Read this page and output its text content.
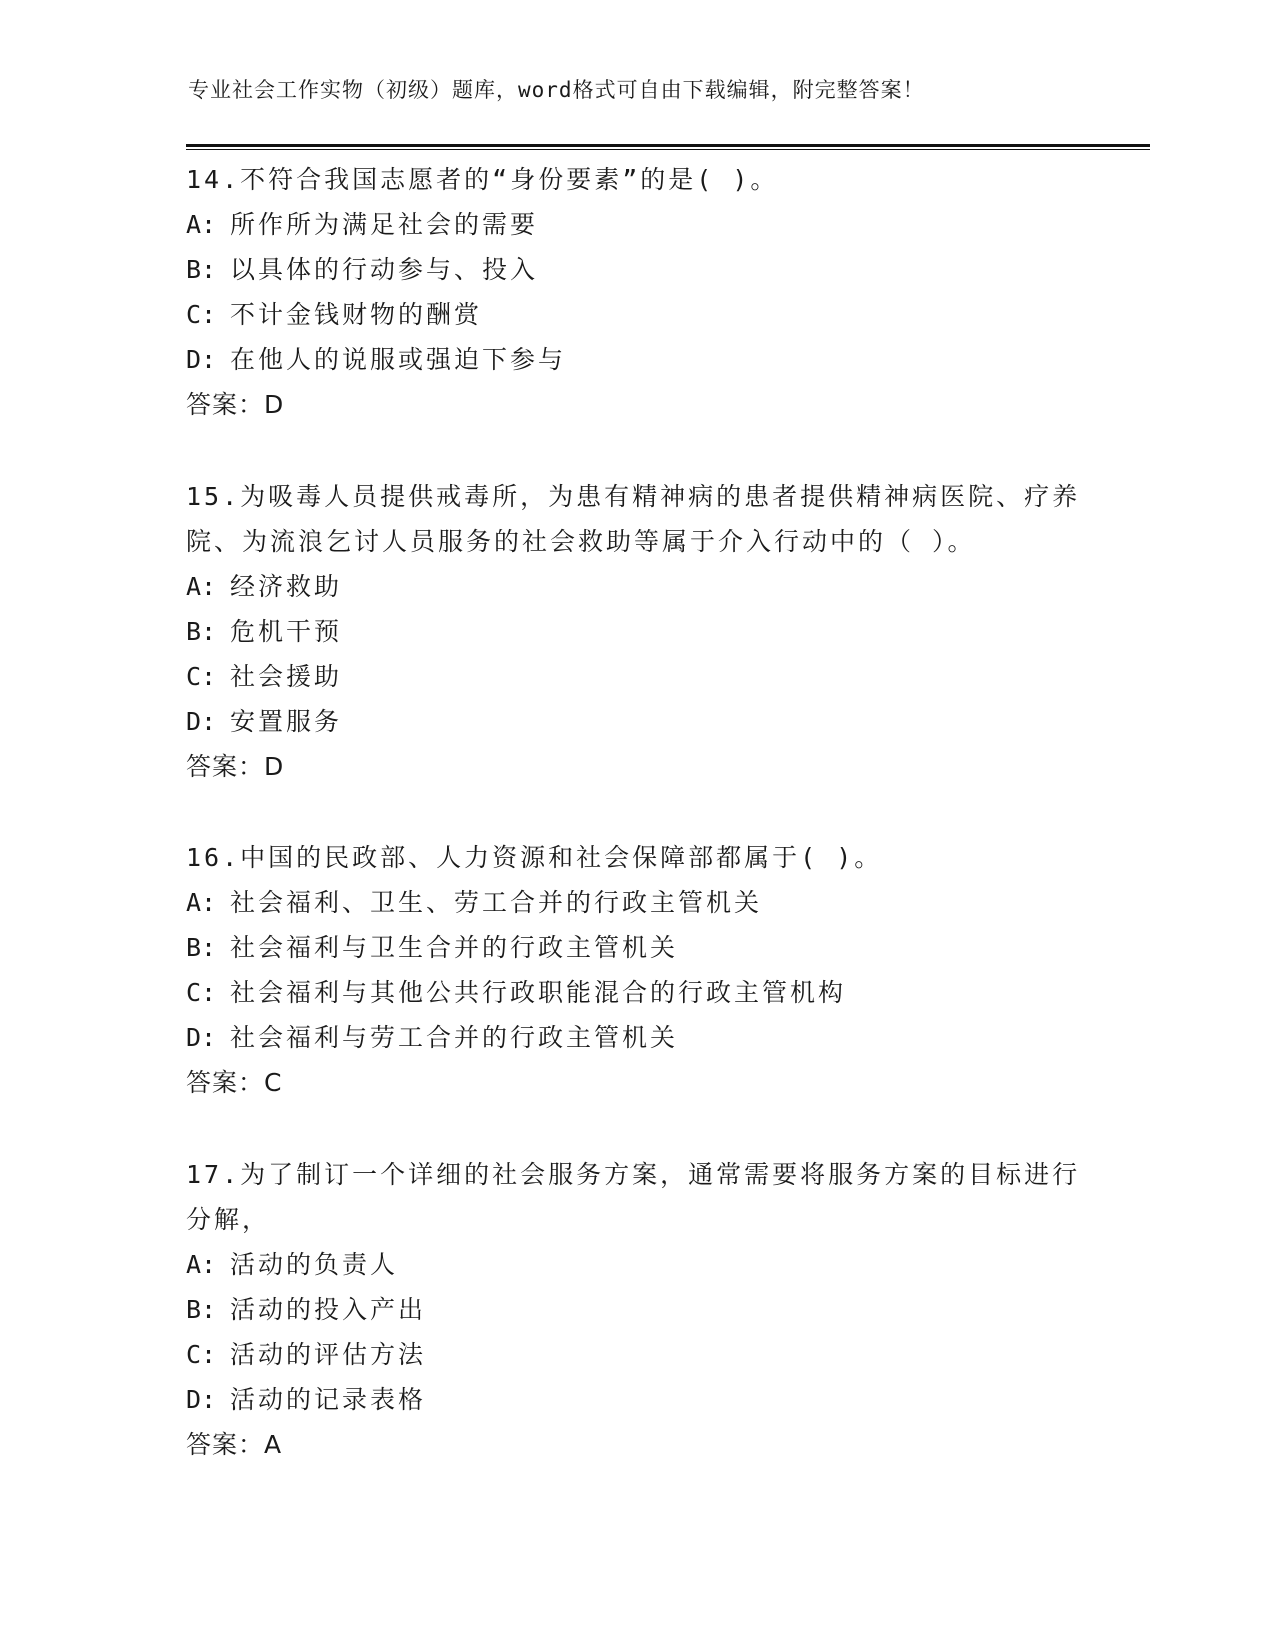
专业社会工作实物（初级）题库，word格式可自由下载编辑，附完整答案！

14.不符合我国志愿者的“身份要素”的是( )。

A: 所作所为满足社会的需要

B: 以具体的行动参与、投入

C: 不计金钱财物的酬赏

D: 在他人的说服或强迫下参与

答案：D

15.为吸毒人员提供戒毒所，为患有精神病的患者提供精神病医院、疗养院、为流浪乞讨人员服务的社会救助等属于介入行动中的（ ）。

A: 经济救助

B: 危机干预

C: 社会援助

D: 安置服务

答案：D

16.中国的民政部、人力资源和社会保障部都属于( )。

A: 社会福利、卫生、劳工合并的行政主管机关

B: 社会福利与卫生合并的行政主管机关

C: 社会福利与其他公共行政职能混合的行政主管机构

D: 社会福利与劳工合并的行政主管机关

答案：C

17.为了制订一个详细的社会服务方案，通常需要将服务方案的目标进行分解，

A: 活动的负责人

B: 活动的投入产出

C: 活动的评估方法

D: 活动的记录表格

答案：A
